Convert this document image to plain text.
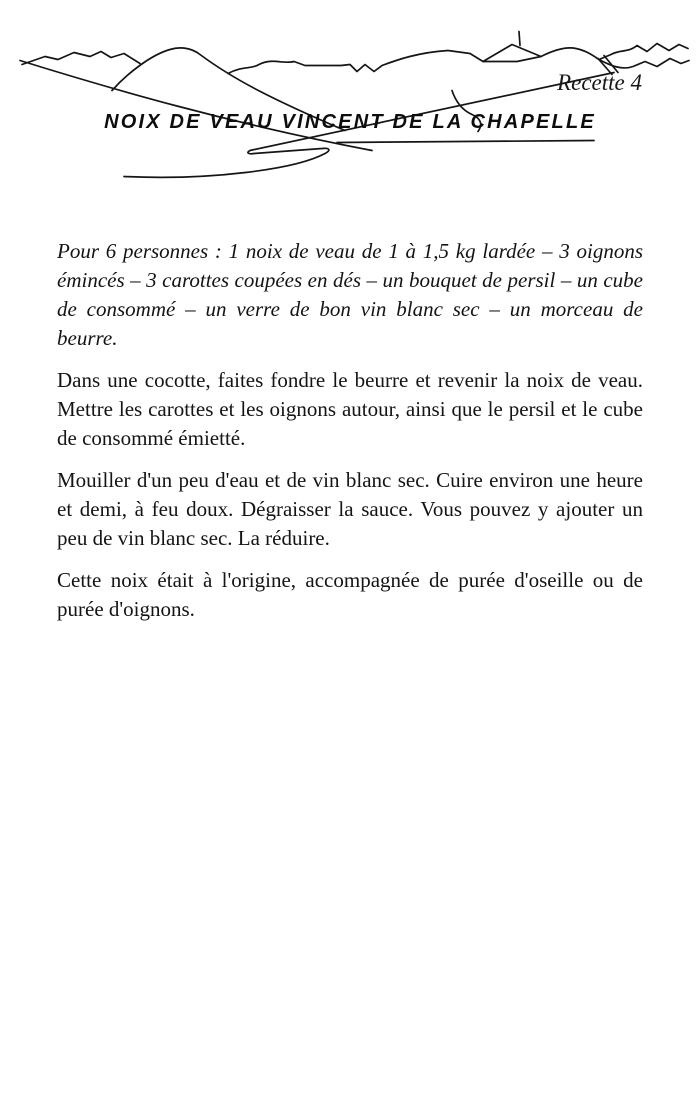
Recette 4
NOIX DE VEAU VINCENT DE LA CHAPELLE

Pour 6 personnes : 1 noix de veau de 1 à 1,5 kg lardée – 3 oignons émincés – 3 carottes coupées en dés – un bouquet de persil – un cube de consommé – un verre de bon vin blanc sec – un morceau de beurre.

Dans une cocotte, faites fondre le beurre et revenir la noix de veau. Mettre les carottes et les oignons autour, ainsi que le persil et le cube de consommé émietté.

Mouiller d'un peu d'eau et de vin blanc sec. Cuire environ une heure et demi, à feu doux. Dégraisser la sauce. Vous pouvez y ajouter un peu de vin blanc sec. La réduire.

Cette noix était à l'origine, accompagnée de purée d'oseille ou de purée d'oignons.
